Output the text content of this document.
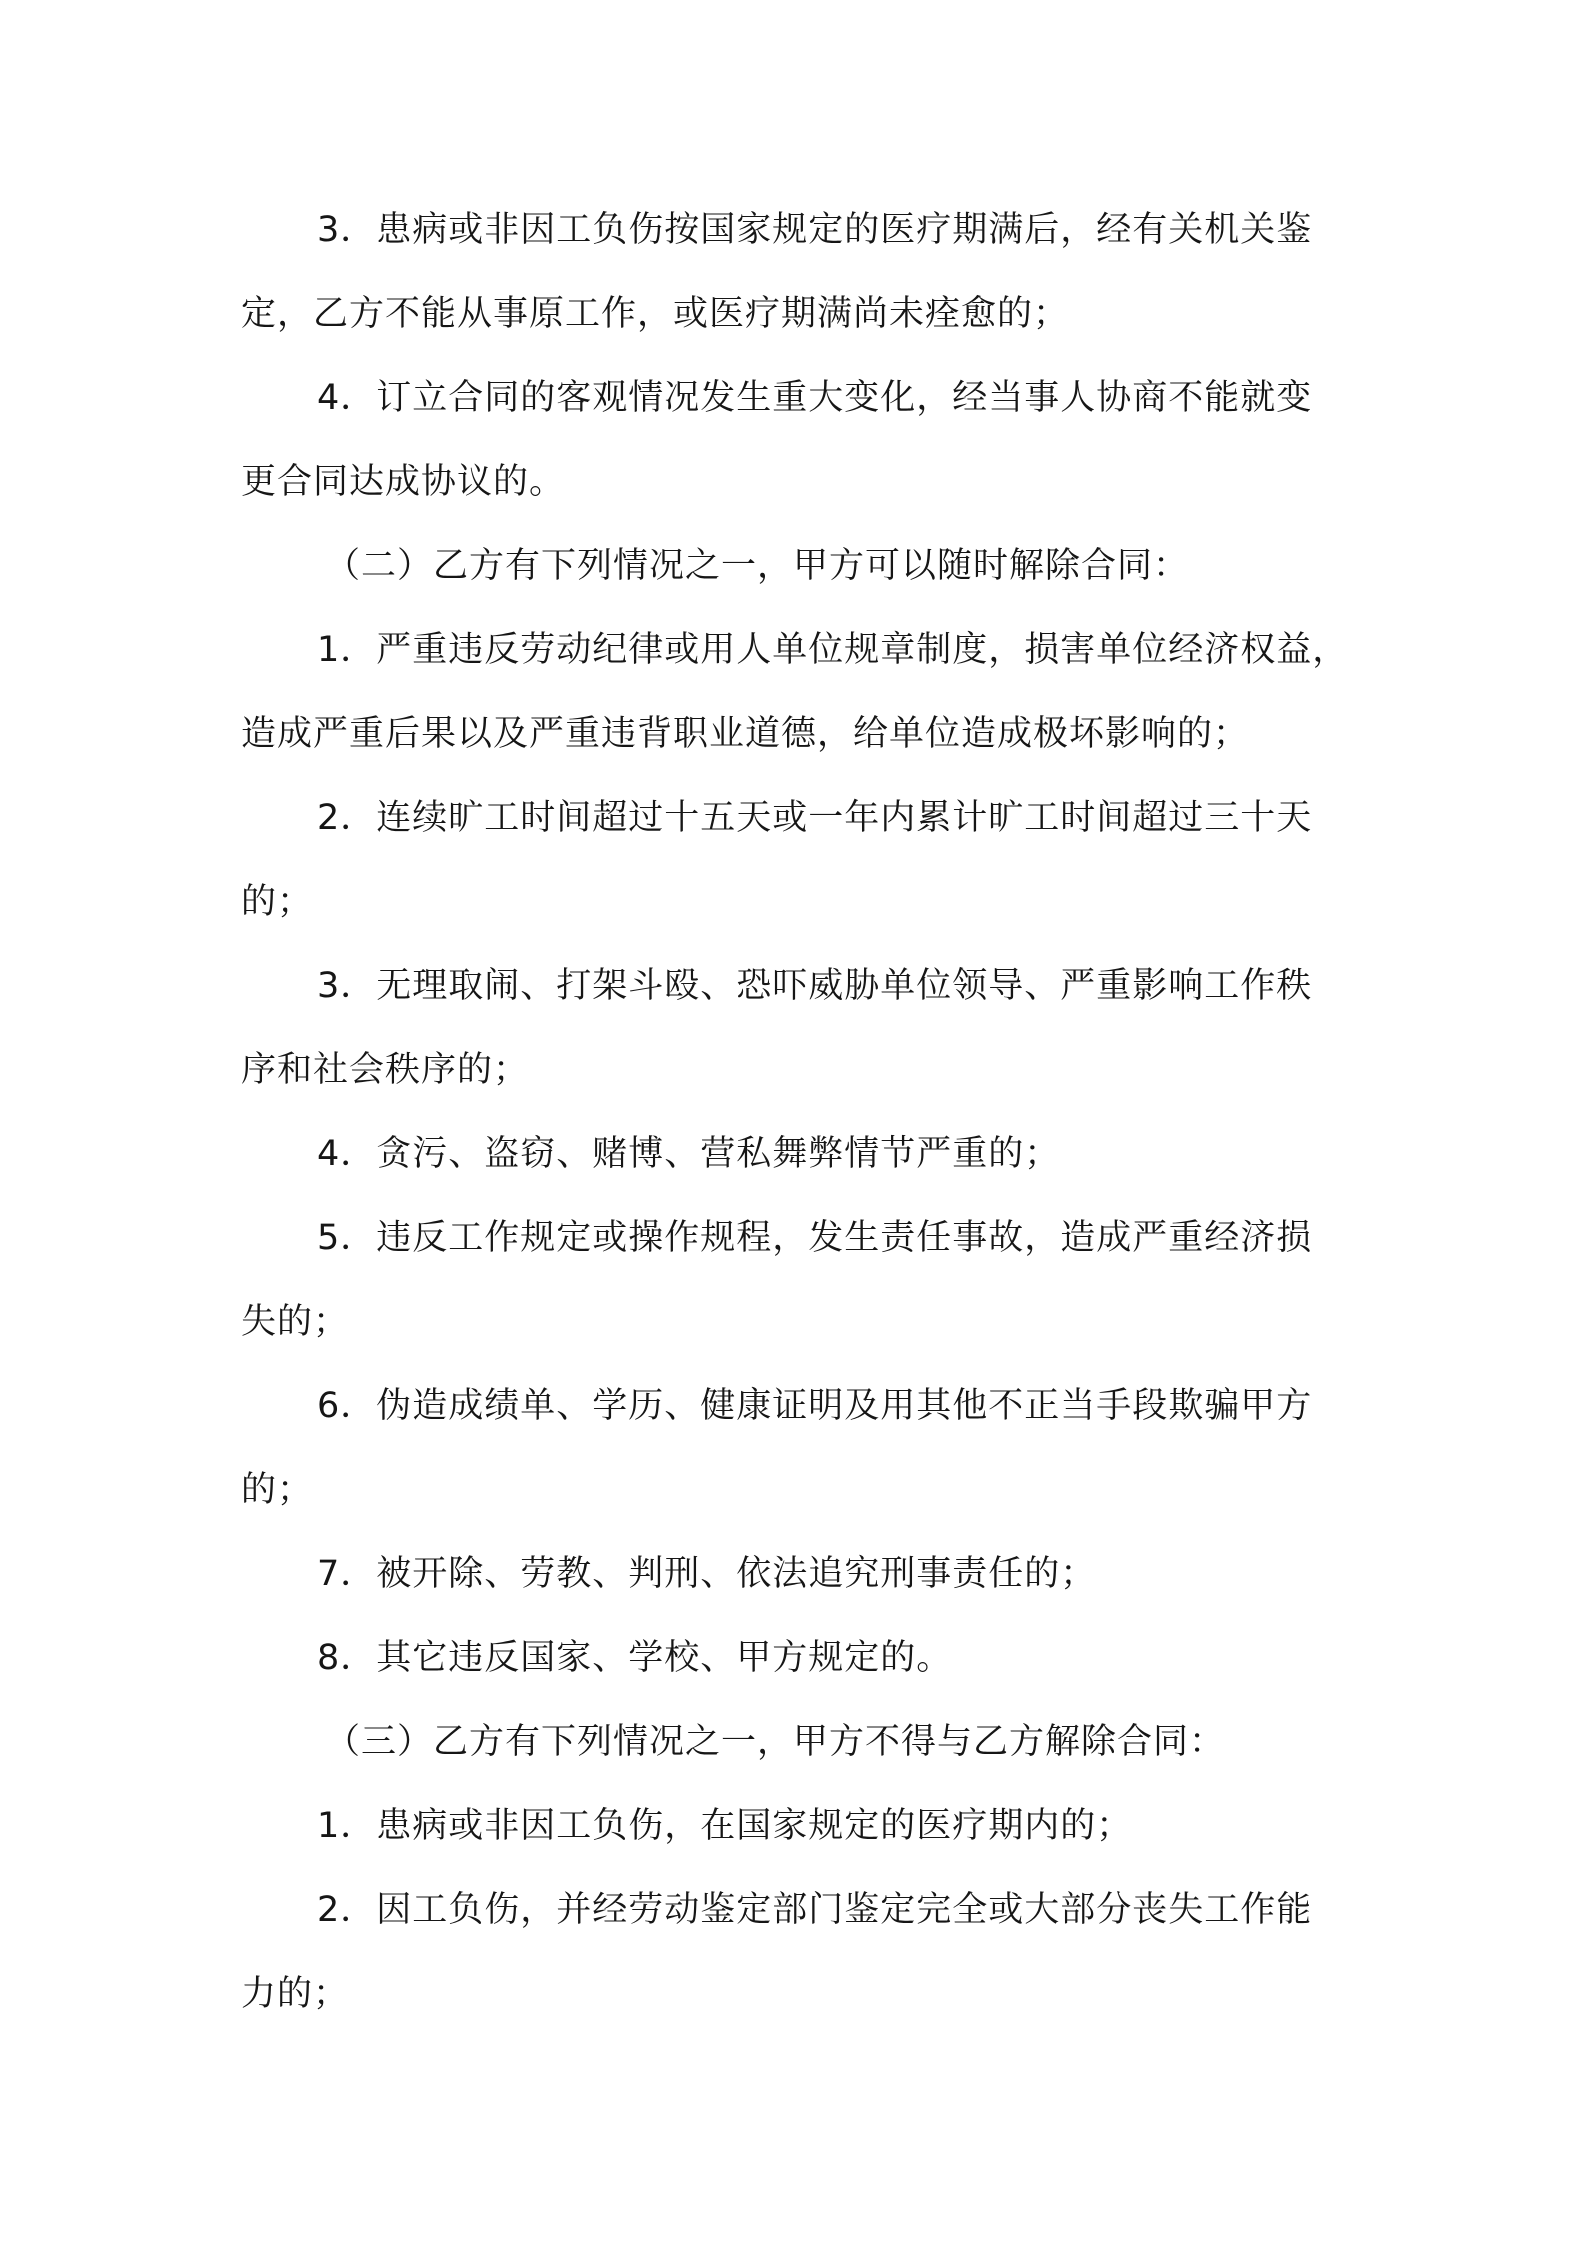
3．患病或非因工负伤按国家规定的医疗期满后，经有关机关鉴

定，乙方不能从事原工作，或医疗期满尚未痊愈的；

4．订立合同的客观情况发生重大变化，经当事人协商不能就变

更合同达成协议的。

（二）乙方有下列情况之一，甲方可以随时解除合同：

1．严重违反劳动纪律或用人单位规章制度，损害单位经济权益，

造成严重后果以及严重违背职业道德，给单位造成极坏影响的；

2．连续旷工时间超过十五天或一年内累计旷工时间超过三十天

的；

3．无理取闹、打架斗殴、恐吓威胁单位领导、严重影响工作秩

序和社会秩序的；

4．贪污、盗窃、赌博、营私舞弊情节严重的；

5．违反工作规定或操作规程，发生责任事故，造成严重经济损

失的；

6．伪造成绩单、学历、健康证明及用其他不正当手段欺骗甲方

的；

7．被开除、劳教、判刑、依法追究刑事责任的；

8．其它违反国家、学校、甲方规定的。

（三）乙方有下列情况之一，甲方不得与乙方解除合同：

1．患病或非因工负伤，在国家规定的医疗期内的；

2．因工负伤，并经劳动鉴定部门鉴定完全或大部分丧失工作能

力的；
